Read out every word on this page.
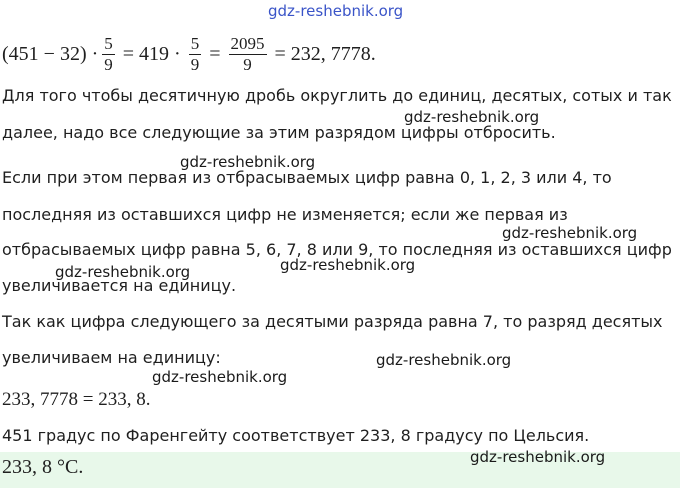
gdz-reshebnik.org
$(451 - 32) \cdot \frac{5}{9} = 419 \cdot \frac{5}{9} = \frac{2095}{9} = 232$, 7778.
Для того чтобы десятичную дробь округлить до единиц, десятых, сотых и так
gdz-reshebnik.org
далее, надо все следующие за этим разрядом цифры отбросить.
gdz-reshebnik.org
Если при этом первая из отбрасываемых цифр равна 0, 1, 2, 3 или 4, то
последняя из оставшихся цифр не изменяется; если же первая из
gdz-reshebnik.org
отбрасываемых цифр равна 5, 6, 7, 8 или 9, то последняя из оставшихся цифр
gdz-reshebnik.org
gdz-reshebnik.org
увеличивается на единицу.
Так как цифра следующего за десятыми разряда равна 7, то разряд десятых
увеличиваем на единицу:	gdz-reshebnik.org
gdz-reshebnik.org
233, 7778 = 233, 8.
451 градус по Фаренгейту соответствует 233, 8 градусу по Цельсия.
233, 8 °C.	gdz-reshebnik.org
